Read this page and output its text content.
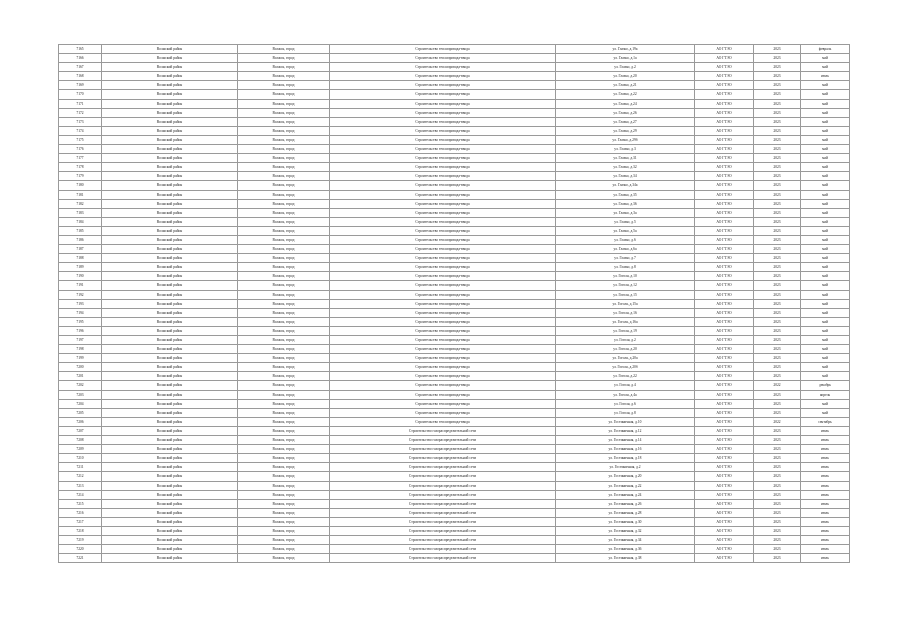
7165	Волжский район	Волжск, город	Строительство теплопровода-ввода	ул. Глазко, д.19а	АО ГТЭО	2023	февраль
7166	Волжский район	Волжск, город	Строительство теплопровода-ввода	ул. Глазко, д.1а	АО ГТЭО	2023	май
7167	Волжский район	Волжск, город	Строительство теплопровода-ввода	ул. Глазко, д.2	АО ГТЭО	2023	май
7168	Волжский район	Волжск, город	Строительство теплопровода-ввода	ул. Глазко, д.20	АО ГТЭО	2023	июль
7169	Волжский район	Волжск, город	Строительство теплопровода-ввода	ул. Глазко, д.21	АО ГТЭО	2023	май
7170	Волжский район	Волжск, город	Строительство теплопровода-ввода	ул. Глазко, д.22	АО ГТЭО	2023	май
7171	Волжский район	Волжск, город	Строительство теплопровода-ввода	ул. Глазко, д.24	АО ГТЭО	2023	май
7172	Волжский район	Волжск, город	Строительство теплопровода-ввода	ул. Глазко, д.26	АО ГТЭО	2023	май
7173	Волжский район	Волжск, город	Строительство теплопровода-ввода	ул. Глазко, д.27	АО ГТЭО	2023	май
7174	Волжский район	Волжск, город	Строительство теплопровода-ввода	ул. Глазко, д.29	АО ГТЭО	2023	май
7175	Волжский район	Волжск, город	Строительство теплопровода-ввода	ул. Глазко, д.29б	АО ГТЭО	2023	май
7176	Волжский район	Волжск, город	Строительство теплопровода-ввода	ул. Глазко, д.3	АО ГТЭО	2023	май
7177	Волжский район	Волжск, город	Строительство теплопровода-ввода	ул. Глазко, д.31	АО ГТЭО	2023	май
7178	Волжский район	Волжск, город	Строительство теплопровода-ввода	ул. Глазко, д.32	АО ГТЭО	2023	май
7179	Волжский район	Волжск, город	Строительство теплопровода-ввода	ул. Глазко, д.34	АО ГТЭО	2023	май
7180	Волжский район	Волжск, город	Строительство теплопровода-ввода	ул. Глазко, д.34а	АО ГТЭО	2023	май
7181	Волжский район	Волжск, город	Строительство теплопровода-ввода	ул. Глазко, д.35	АО ГТЭО	2023	май
7182	Волжский район	Волжск, город	Строительство теплопровода-ввода	ул. Глазко, д.36	АО ГТЭО	2023	май
7183	Волжский район	Волжск, город	Строительство теплопровода-ввода	ул. Глазко, д.3а	АО ГТЭО	2023	май
7184	Волжский район	Волжск, город	Строительство теплопровода-ввода	ул. Глазко, д.5	АО ГТЭО	2023	май
7185	Волжский район	Волжск, город	Строительство теплопровода-ввода	ул. Глазко, д.5а	АО ГТЭО	2023	май
7186	Волжский район	Волжск, город	Строительство теплопровода-ввода	ул. Глазко, д.6	АО ГТЭО	2023	май
7187	Волжский район	Волжск, город	Строительство теплопровода-ввода	ул. Глазко, д.6а	АО ГТЭО	2023	май
7188	Волжский район	Волжск, город	Строительство теплопровода-ввода	ул. Глазко, д.7	АО ГТЭО	2023	май
7189	Волжский район	Волжск, город	Строительство теплопровода-ввода	ул. Глазко, д.8	АО ГТЭО	2023	май
7190	Волжский район	Волжск, город	Строительство теплопровода-ввода	ул. Гоголя, д.10	АО ГТЭО	2023	май
7191	Волжский район	Волжск, город	Строительство теплопровода-ввода	ул. Гоголя, д.12	АО ГТЭО	2023	май
7192	Волжский район	Волжск, город	Строительство теплопровода-ввода	ул. Гоголя, д.15	АО ГТЭО	2023	май
7193	Волжский район	Волжск, город	Строительство теплопровода-ввода	ул. Гоголя, д.15а	АО ГТЭО	2023	май
7194	Волжский район	Волжск, город	Строительство теплопровода-ввода	ул. Гоголя, д.16	АО ГТЭО	2023	май
7195	Волжский район	Волжск, город	Строительство теплопровода-ввода	ул. Гоголя, д.16а	АО ГТЭО	2023	май
7196	Волжский район	Волжск, город	Строительство теплопровода-ввода	ул. Гоголя, д.19	АО ГТЭО	2023	май
7197	Волжский район	Волжск, город	Строительство теплопровода-ввода	ул. Гоголя, д.2	АО ГТЭО	2023	май
7198	Волжский район	Волжск, город	Строительство теплопровода-ввода	ул. Гоголя, д.20	АО ГТЭО	2023	май
7199	Волжский район	Волжск, город	Строительство теплопровода-ввода	ул. Гоголя, д.20а	АО ГТЭО	2023	май
7200	Волжский район	Волжск, город	Строительство теплопровода-ввода	ул. Гоголя, д.20б	АО ГТЭО	2023	май
7201	Волжский район	Волжск, город	Строительство теплопровода-ввода	ул. Гоголя, д.22	АО ГТЭО	2023	май
7202	Волжский район	Волжск, город	Строительство теплопровода-ввода	ул. Гоголя, д.4	АО ГТЭО	2022	декабрь
7203	Волжский район	Волжск, город	Строительство теплопровода-ввода	ул. Гоголя, д.4а	АО ГТЭО	2023	апрель
7204	Волжский район	Волжск, город	Строительство теплопровода-ввода	ул. Гоголя, д.6	АО ГТЭО	2023	май
7205	Волжский район	Волжск, город	Строительство теплопровода-ввода	ул. Гоголя, д.8	АО ГТЭО	2023	май
7206	Волжский район	Волжск, город	Строительство теплопровода-ввода	ул. Гостиничная, д.10	АО ГТЭО	2022	сентябрь
7207	Волжский район	Волжск, город	Строительство газораспределительной сети	ул. Гостиничная, д.12	АО ГТЭО	2023	июль
7208	Волжский район	Волжск, город	Строительство газораспределительной сети	ул. Гостиничная, д.14	АО ГТЭО	2023	июль
7209	Волжский район	Волжск, город	Строительство газораспределительной сети	ул. Гостиничная, д.16	АО ГТЭО	2023	июль
7210	Волжский район	Волжск, город	Строительство газораспределительной сети	ул. Гостиничная, д.18	АО ГТЭО	2023	июль
7211	Волжский район	Волжск, город	Строительство газораспределительной сети	ул. Гостиничная, д.2	АО ГТЭО	2023	июль
7212	Волжский район	Волжск, город	Строительство газораспределительной сети	ул. Гостиничная, д.20	АО ГТЭО	2023	июль
7213	Волжский район	Волжск, город	Строительство газораспределительной сети	ул. Гостиничная, д.22	АО ГТЭО	2023	июль
7214	Волжский район	Волжск, город	Строительство газораспределительной сети	ул. Гостиничная, д.24	АО ГТЭО	2023	июль
7215	Волжский район	Волжск, город	Строительство газораспределительной сети	ул. Гостиничная, д.26	АО ГТЭО	2023	июль
7216	Волжский район	Волжск, город	Строительство газораспределительной сети	ул. Гостиничная, д.28	АО ГТЭО	2023	июль
7217	Волжский район	Волжск, город	Строительство газораспределительной сети	ул. Гостиничная, д.30	АО ГТЭО	2023	июль
7218	Волжский район	Волжск, город	Строительство газораспределительной сети	ул. Гостиничная, д.32	АО ГТЭО	2023	июль
7219	Волжский район	Волжск, город	Строительство газораспределительной сети	ул. Гостиничная, д.34	АО ГТЭО	2023	июль
7220	Волжский район	Волжск, город	Строительство газораспределительной сети	ул. Гостиничная, д.36	АО ГТЭО	2023	июль
7221	Волжский район	Волжск, город	Строительство газораспределительной сети	ул. Гостиничная, д.38	АО ГТЭО	2023	июль
